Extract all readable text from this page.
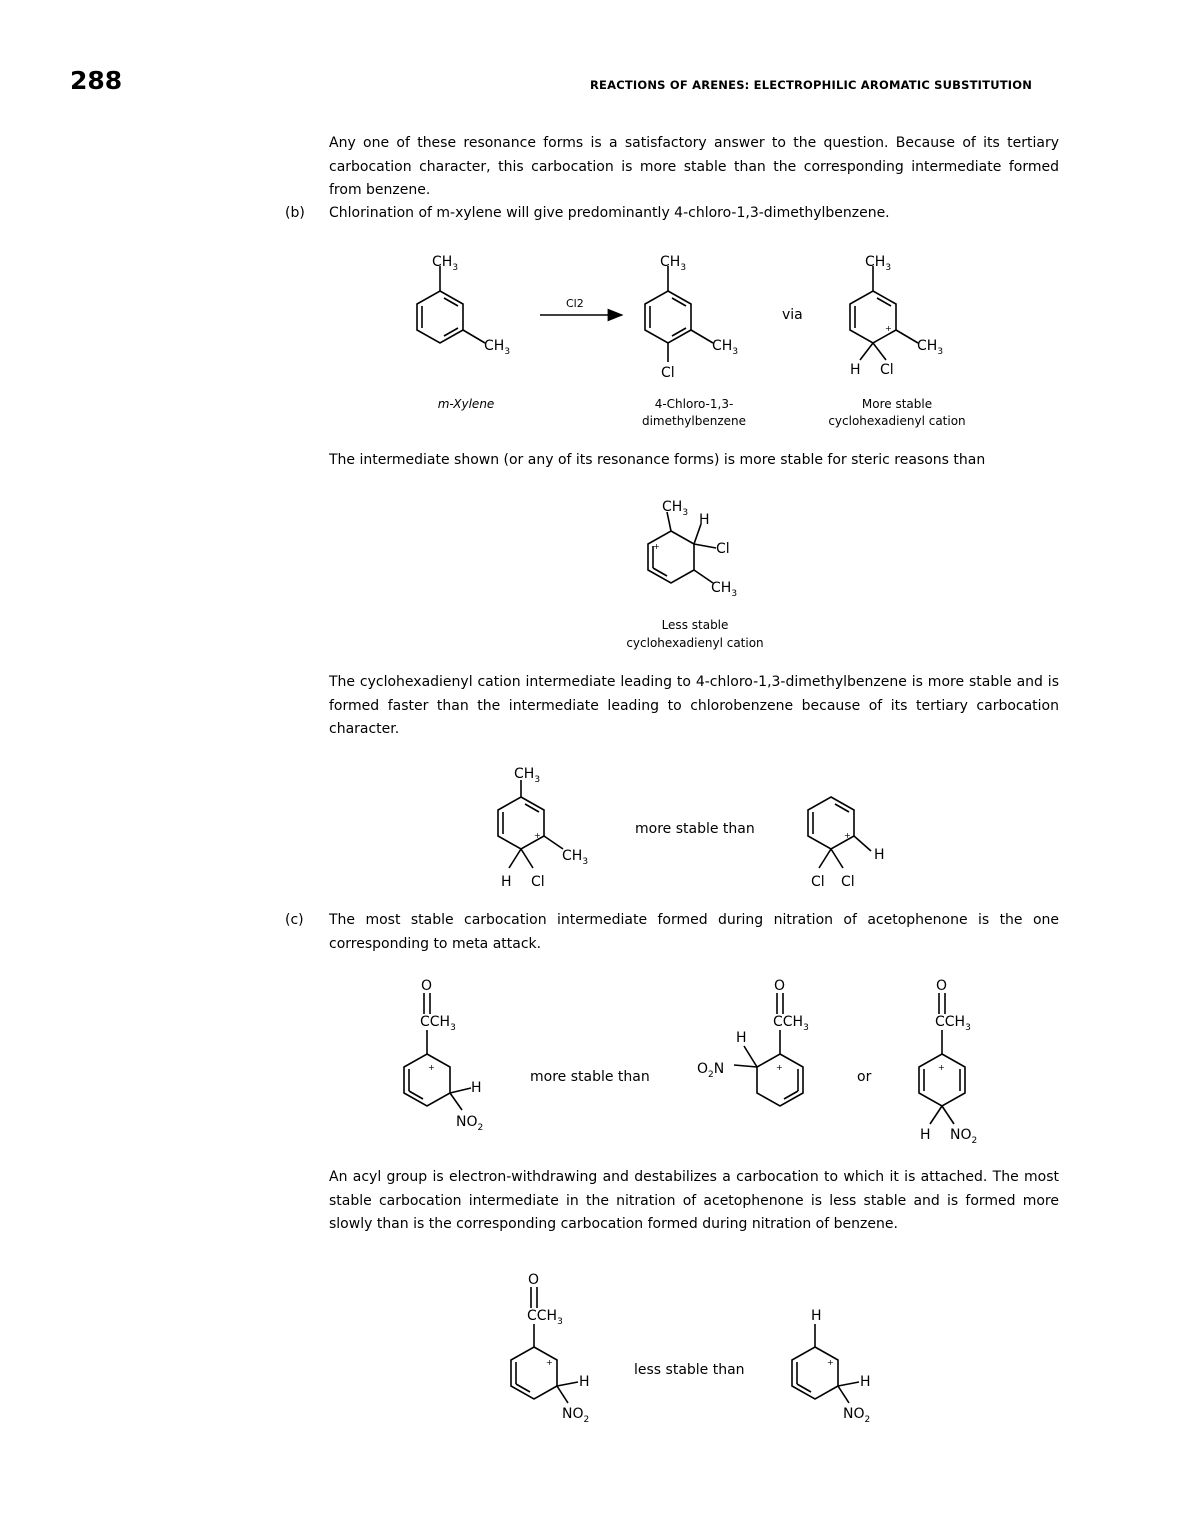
288	REACTIONS OF ARENES: ELECTROPHILIC AROMATIC SUBSTITUTION

Any one of these resonance forms is a satisfactory answer to the question. Because of its tertiary carbocation character, this carbocation is more stable than the corresponding intermediate formed from benzene.

(b) Chlorination of m-xylene will give predominantly 4-chloro-1,3-dimethylbenzene.

The intermediate shown (or any of its resonance forms) is more stable for steric reasons than

The cyclohexadienyl cation intermediate leading to 4-chloro-1,3-dimethylbenzene is more stable and is formed faster than the intermediate leading to chlorobenzene because of its tertiary carbocation character.

(c) The most stable carbocation intermediate formed during nitration of acetophenone is the one corresponding to meta attack.

An acyl group is electron-withdrawing and destabilizes a carbocation to which it is attached. The most stable carbocation intermediate in the nitration of acetophenone is less stable and is formed more slowly than is the corresponding carbocation formed during nitration of benzene.

$CH_3$
$CH_3$
Cl2
$CH_3$
$CH_3$
Cl
via
+
$CH_3$
$CH_3$
H Cl
m-Xylene	4-Chloro-1,3-
dimethylbenzene
More stable
cyclohexadienyl cation
+
$CH_3$ H
Cl
$CH_3$
Less stable
cyclohexadienyl cation
+
$CH_3$
$CH_3$
H Cl
more stable than	+
H
Cl Cl
O
$CCH_3$
+
H
$NO_2$
more stable than
O
$CCH_3$
+
H
$O_2N$	or
O
$CCH_3$
+
H $NO_2$
O
$CCH_3$
+
H
$NO_2$
less stable than
H
+
H
$NO_2$
